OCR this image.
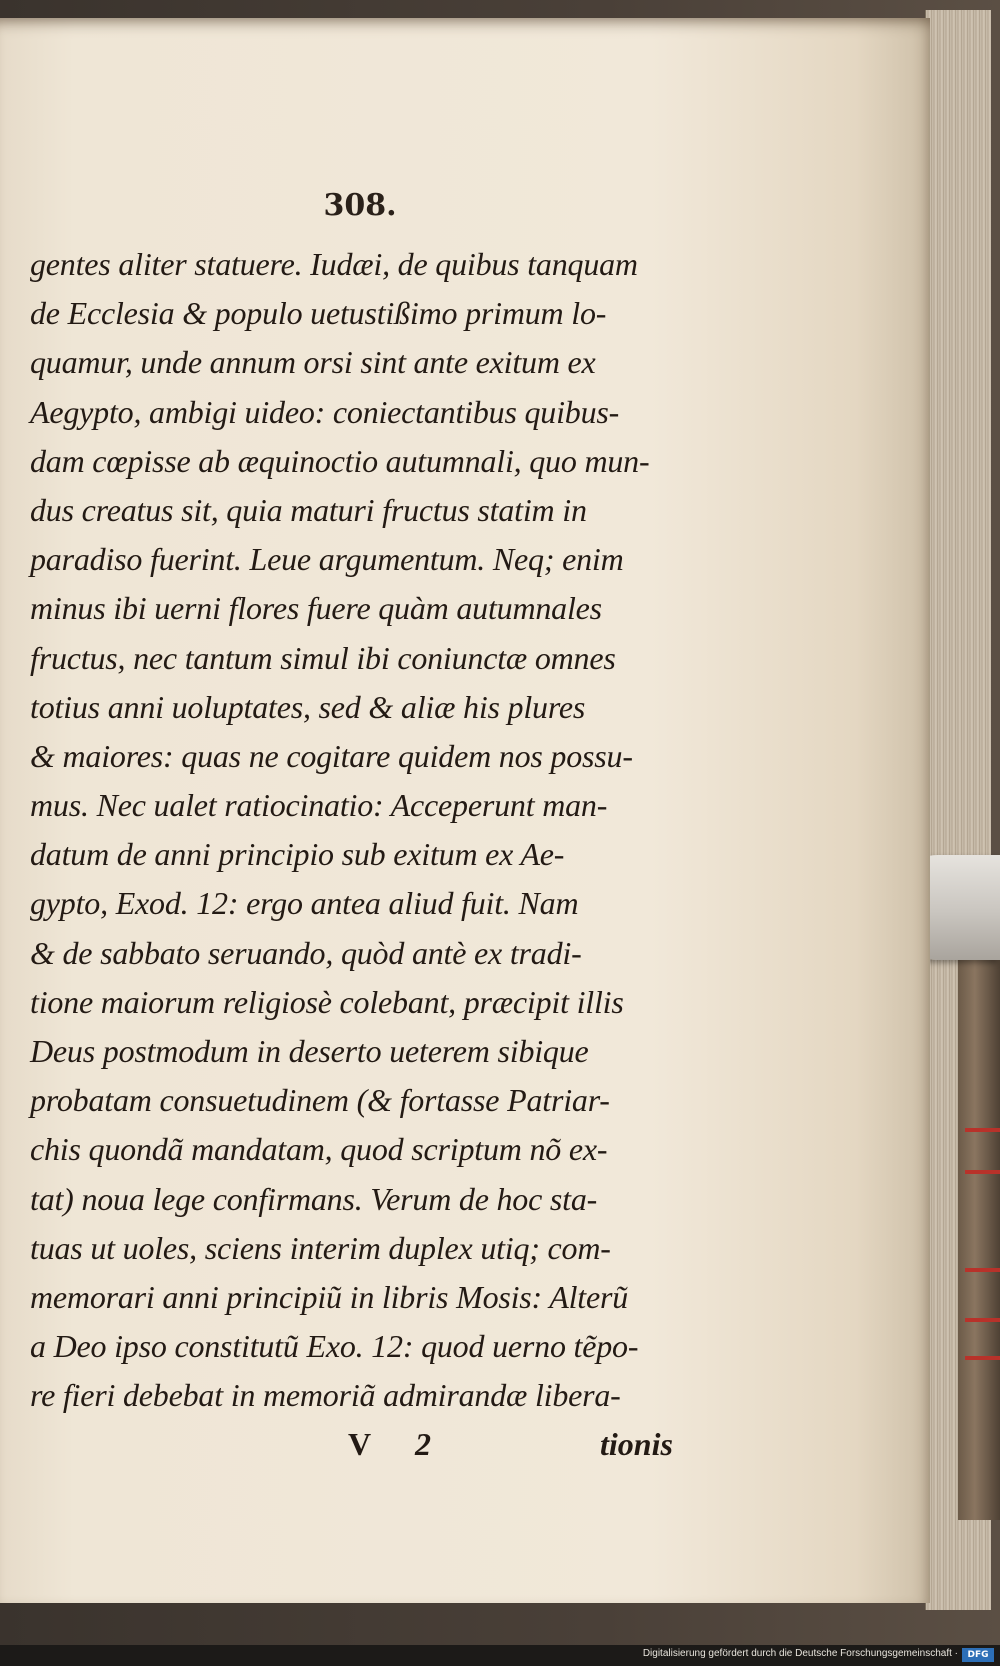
308.
gentes aliter statuere. Iudæi, de quibus tanquam
de Ecclesia & populo uetustißimo primum lo-
quamur, unde annum orsi sint ante exitum ex
Aegypto, ambigi uideo: coniectantibus quibus-
dam cœpisse ab æquinoctio autumnali, quo mun-
dus creatus sit, quia maturi fructus statim in
paradiso fuerint. Leue argumentum. Neq; enim
minus ibi uerni flores fuere quàm autumnales
fructus, nec tantum simul ibi coniunctæ omnes
totius anni uoluptates, sed & aliæ his plures
& maiores: quas ne cogitare quidem nos possu-
mus. Nec ualet ratiocinatio: Acceperunt man-
datum de anni principio sub exitum ex Ae-
gypto, Exod. 12: ergo antea aliud fuit. Nam
& de sabbato seruando, quòd antè ex tradi-
tione maiorum religiosè colebant, præcipit illis
Deus postmodum in deserto ueterem sibique
probatam consuetudinem (& fortasse Patriar-
chis quondã mandatam, quod scriptum nõ ex-
tat) noua lege confirmans. Verum de hoc sta-
tuas ut uoles, sciens interim duplex utiq; com-
memorari anni principiũ in libris Mosis: Alterũ
a Deo ipso constitutũ Exo. 12: quod uerno tẽpo-
re fieri debebat in memoriã admirandæ libera-
V 2	tionis
Digitalisierung gefördert durch die Deutsche Forschungsgemeinschaft ·	DFG
